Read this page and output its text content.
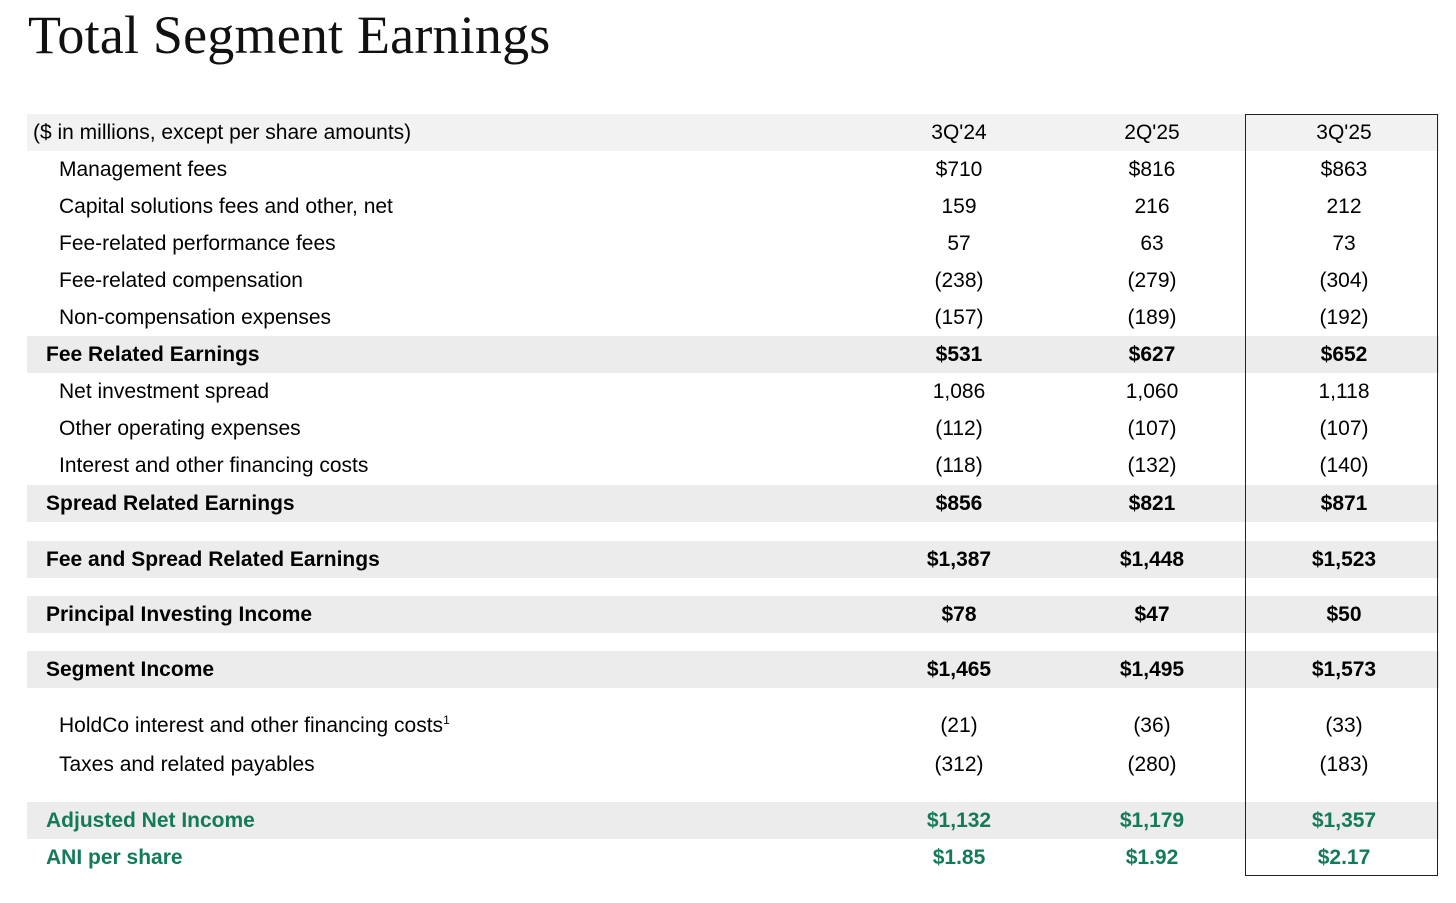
Total Segment Earnings
($ in millions, except per share amounts)	3Q'24	2Q'25	3Q'25
Management fees	$710	$816	$863
Capital solutions fees and other, net	159	216	212
Fee-related performance fees	57	63	73
Fee-related compensation	(238)	(279)	(304)
Non-compensation expenses	(157)	(189)	(192)
Fee Related Earnings	$531	$627	$652
Net investment spread	1,086	1,060	1,118
Other operating expenses	(112)	(107)	(107)
Interest and other financing costs	(118)	(132)	(140)
Spread Related Earnings	$856	$821	$871
Fee and Spread Related Earnings	$1,387	$1,448	$1,523
Principal Investing Income	$78	$47	$50
Segment Income	$1,465	$1,495	$1,573
HoldCo interest and other financing costs$^1$	(21)	(36)	(33)
Taxes and related payables	(312)	(280)	(183)
Adjusted Net Income	$1,132	$1,179	$1,357
ANI per share	$1.85	$1.92	$2.17
